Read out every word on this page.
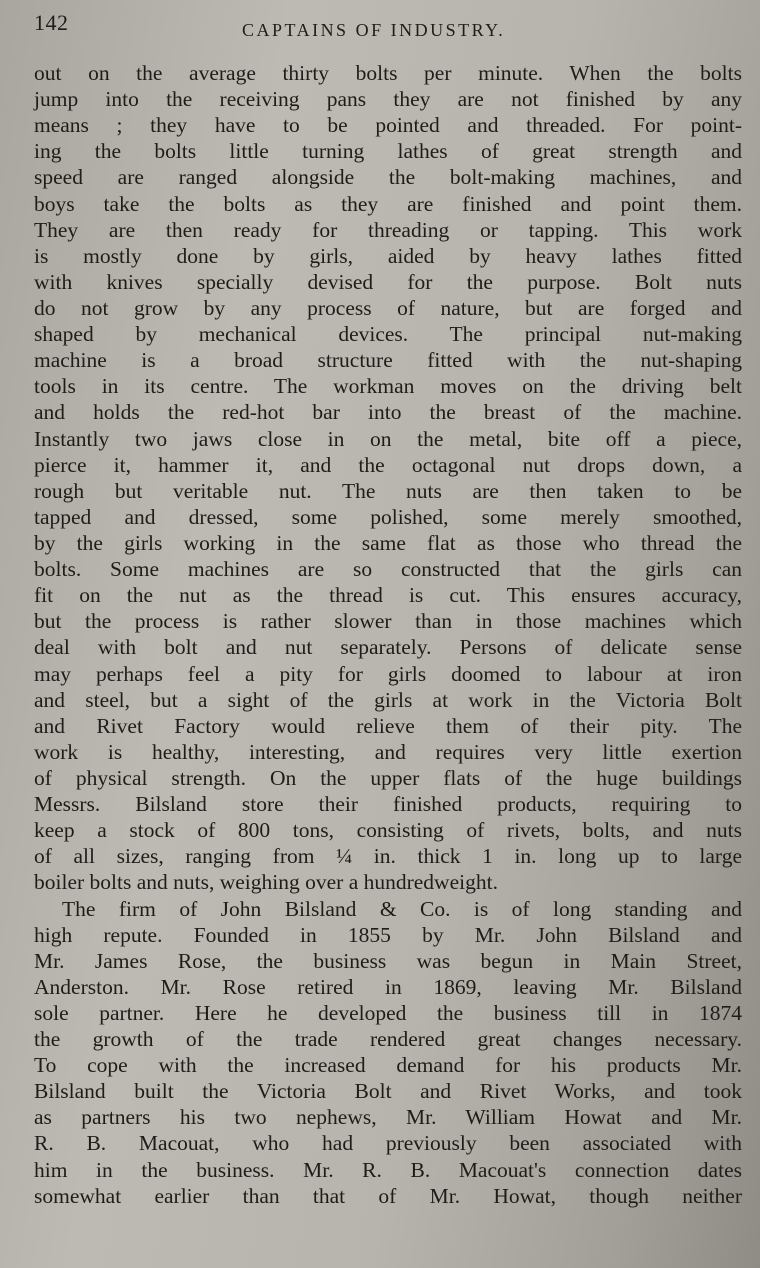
142	CAPTAINS OF INDUSTRY.
out on the average thirty bolts per minute. When the bolts
jump into the receiving pans they are not finished by any
means ; they have to be pointed and threaded. For point-
ing the bolts little turning lathes of great strength and
speed are ranged alongside the bolt-making machines, and
boys take the bolts as they are finished and point them.
They are then ready for threading or tapping. This work
is mostly done by girls, aided by heavy lathes fitted
with knives specially devised for the purpose. Bolt nuts
do not grow by any process of nature, but are forged and
shaped by mechanical devices. The principal nut-making
machine is a broad structure fitted with the nut-shaping
tools in its centre. The workman moves on the driving belt
and holds the red-hot bar into the breast of the machine.
Instantly two jaws close in on the metal, bite off a piece,
pierce it, hammer it, and the octagonal nut drops down, a
rough but veritable nut. The nuts are then taken to be
tapped and dressed, some polished, some merely smoothed,
by the girls working in the same flat as those who thread the
bolts. Some machines are so constructed that the girls can
fit on the nut as the thread is cut. This ensures accuracy,
but the process is rather slower than in those machines which
deal with bolt and nut separately. Persons of delicate sense
may perhaps feel a pity for girls doomed to labour at iron
and steel, but a sight of the girls at work in the Victoria Bolt
and Rivet Factory would relieve them of their pity. The
work is healthy, interesting, and requires very little exertion
of physical strength. On the upper flats of the huge buildings
Messrs. Bilsland store their finished products, requiring to
keep a stock of 800 tons, consisting of rivets, bolts, and nuts
of all sizes, ranging from ¼ in. thick 1 in. long up to large
boiler bolts and nuts, weighing over a hundredweight.
The firm of John Bilsland & Co. is of long standing and
high repute. Founded in 1855 by Mr. John Bilsland and
Mr. James Rose, the business was begun in Main Street,
Anderston. Mr. Rose retired in 1869, leaving Mr. Bilsland
sole partner. Here he developed the business till in 1874
the growth of the trade rendered great changes necessary.
To cope with the increased demand for his products Mr.
Bilsland built the Victoria Bolt and Rivet Works, and took
as partners his two nephews, Mr. William Howat and Mr.
R. B. Macouat, who had previously been associated with
him in the business. Mr. R. B. Macouat's connection dates
somewhat earlier than that of Mr. Howat, though neither
